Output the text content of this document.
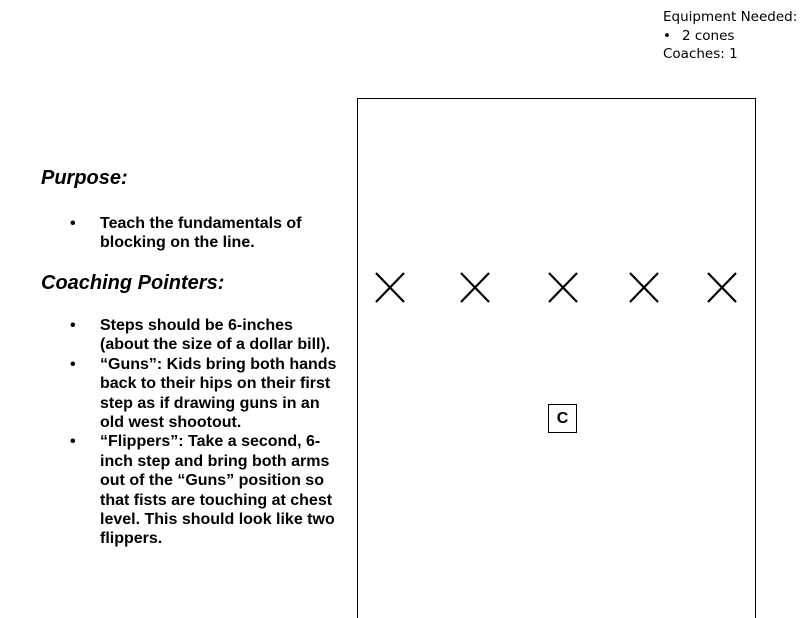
Equipment Needed:
• 2 cones
Coaches: 1
Purpose:
• Teach the fundamentals of blocking on the line.
Coaching Pointers:
• Steps should be 6-inches (about the size of a dollar bill).
• “Guns”: Kids bring both hands back to their hips on their first step as if drawing guns in an old west shootout.
• “Flippers”: Take a second, 6-inch step and bring both arms out of the “Guns” position so that fists are touching at chest level. This should look like two flippers.
C
